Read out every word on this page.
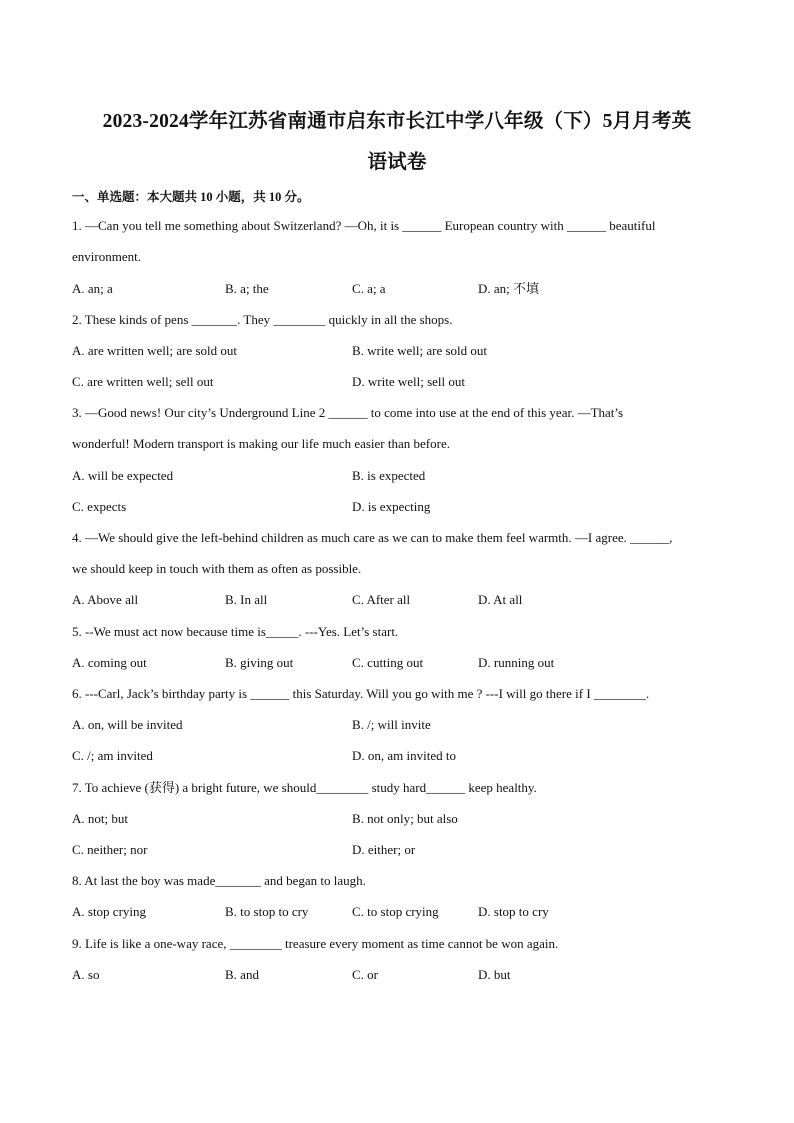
2023-2024学年江苏省南通市启东市长江中学八年级（下）5月月考英
语试卷
一、单选题：本大题共 10 小题，共 10 分。
1. —Can you tell me something about Switzerland? —Oh, it is ______ European country with ______ beautiful
environment.
A. an; a	B. a; the	C. a; a	D. an; 不填
2. These kinds of pens _______. They ________ quickly in all the shops.
A. are written well; are sold out	B. write well; are sold out
C. are written well; sell out	D. write well; sell out
3. —Good news! Our city’s Underground Line 2 ______ to come into use at the end of this year. —That’s
wonderful! Modern transport is making our life much easier than before.
A. will be expected	B. is expected
C. expects	D. is expecting
4. —We should give the left-behind children as much care as we can to make them feel warmth. —I agree. ______,
we should keep in touch with them as often as possible.
A. Above all	B. In all	C. After all	D. At all
5. --We must act now because time is_____. ---Yes. Let’s start.
A. coming out	B. giving out	C. cutting out	D. running out
6. ---Carl, Jack’s birthday party is ______ this Saturday. Will you go with me ? ---I will go there if I ________.
A. on, will be invited	B. /; will invite
C. /; am invited	D. on, am invited to
7. To achieve (获得) a bright future, we should________ study hard______ keep healthy.
A. not; but	B. not only; but also
C. neither; nor	D. either; or
8. At last the boy was made_______ and began to laugh.
A. stop crying	B. to stop to cry	C. to stop crying	D. stop to cry
9. Life is like a one-way race, ________ treasure every moment as time cannot be won again.
A. so	B. and	C. or	D. but
